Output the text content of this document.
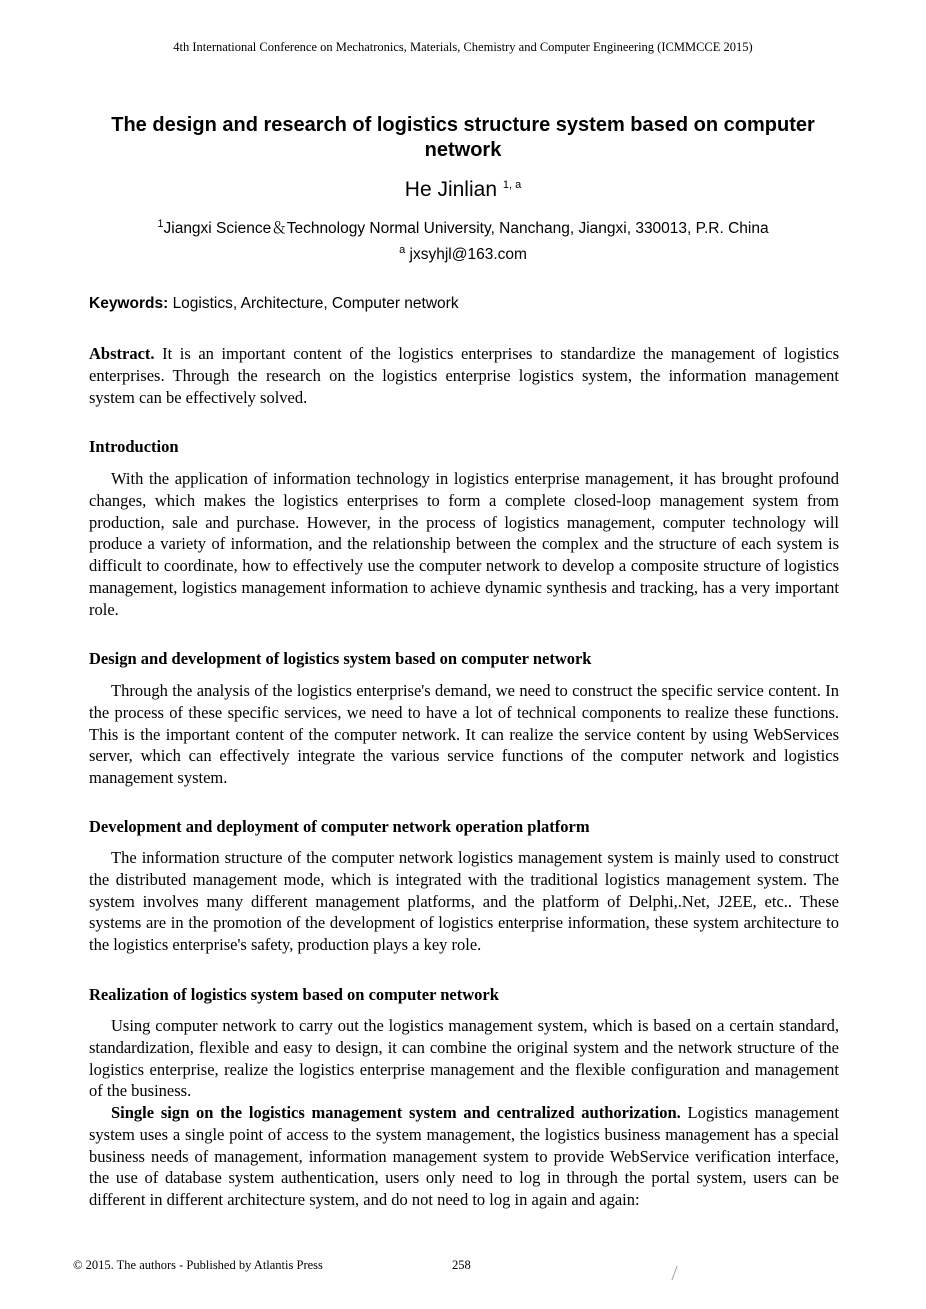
4th International Conference on Mechatronics, Materials, Chemistry and Computer Engineering (ICMMCCE 2015)
The design and research of logistics structure system based on computer network
He Jinlian $^{1, a}$
$^1$Jiangxi Science＆Technology Normal University, Nanchang, Jiangxi, 330013, P.R. China
$^a$ jxsyhjl@163.com
Keywords: Logistics, Architecture, Computer network

Abstract. It is an important content of the logistics enterprises to standardize the management of logistics enterprises. Through the research on the logistics enterprise logistics system, the information management system can be effectively solved.

Introduction

With the application of information technology in logistics enterprise management, it has brought profound changes, which makes the logistics enterprises to form a complete closed-loop management system from production, sale and purchase. However, in the process of logistics management, computer technology will produce a variety of information, and the relationship between the complex and the structure of each system is difficult to coordinate, how to effectively use the computer network to develop a composite structure of logistics management, logistics management information to achieve dynamic synthesis and tracking, has a very important role.

Design and development of logistics system based on computer network

Through the analysis of the logistics enterprise's demand, we need to construct the specific service content. In the process of these specific services, we need to have a lot of technical components to realize these functions. This is the important content of the computer network. It can realize the service content by using WebServices server, which can effectively integrate the various service functions of the computer network and logistics management system.

Development and deployment of computer network operation platform

The information structure of the computer network logistics management system is mainly used to construct the distributed management mode, which is integrated with the traditional logistics management system. The system involves many different management platforms, and the platform of Delphi,.Net, J2EE, etc.. These systems are in the promotion of the development of logistics enterprise information, these system architecture to the logistics enterprise's safety, production plays a key role.

Realization of logistics system based on computer network

Using computer network to carry out the logistics management system, which is based on a certain standard, standardization, flexible and easy to design, it can combine the original system and the network structure of the logistics enterprise, realize the logistics enterprise management and the flexible configuration and management of the business.

Single sign on the logistics management system and centralized authorization. Logistics management system uses a single point of access to the system management, the logistics business management has a special business needs of management, information management system to provide WebService verification interface, the use of database system authentication, users only need to log in through the portal system, users can be different in different architecture system, and do not need to log in again and again:

© 2015. The authors - Published by Atlantis Press	258
